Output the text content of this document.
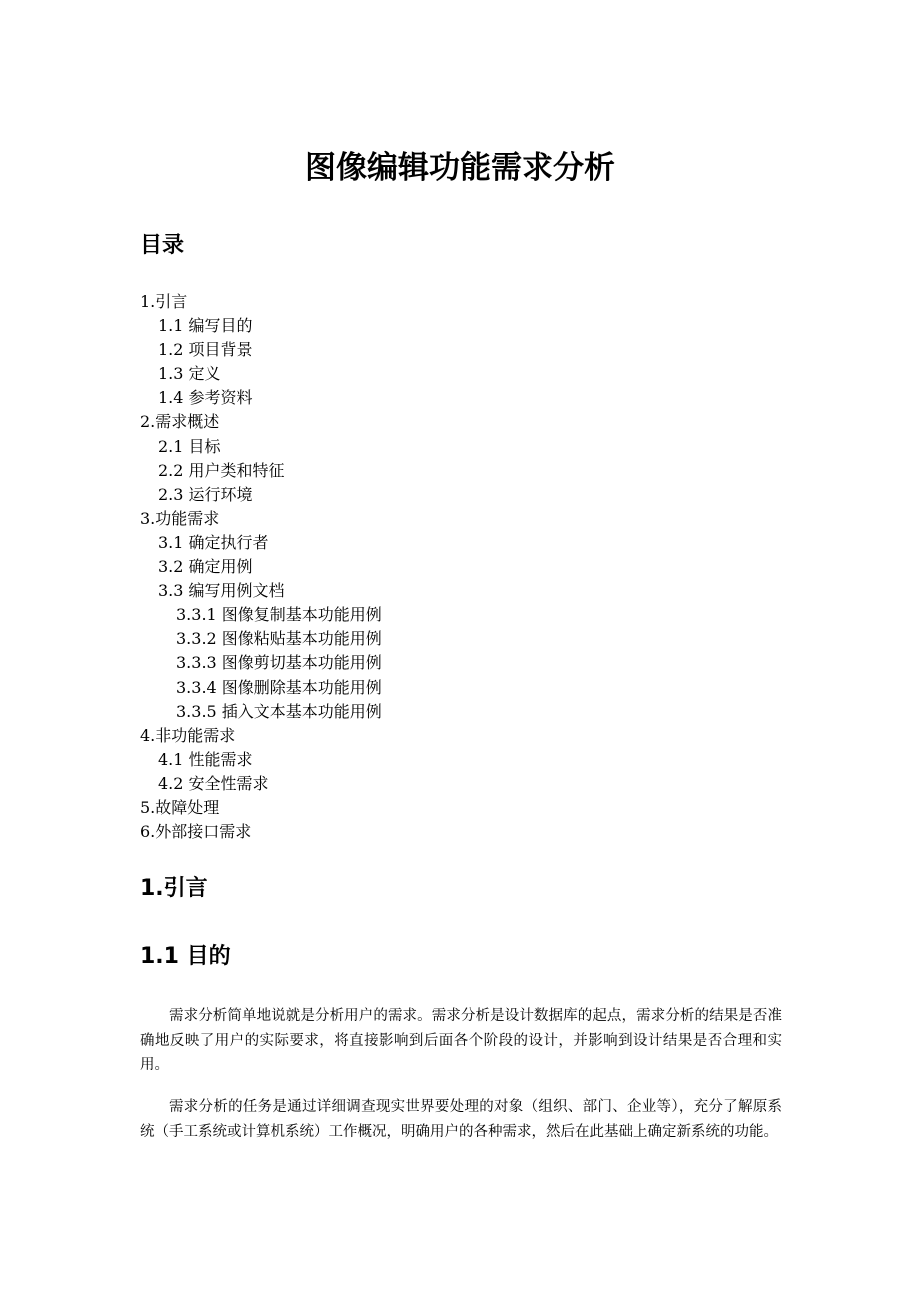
图像编辑功能需求分析
目录
1.引言
1.1 编写目的
1.2 项目背景
1.3 定义
1.4 参考资料
2.需求概述
2.1 目标
2.2 用户类和特征
2.3 运行环境
3.功能需求
3.1 确定执行者
3.2 确定用例
3.3 编写用例文档
3.3.1 图像复制基本功能用例
3.3.2 图像粘贴基本功能用例
3.3.3 图像剪切基本功能用例
3.3.4 图像删除基本功能用例
3.3.5 插入文本基本功能用例
4.非功能需求
4.1 性能需求
4.2 安全性需求
5.故障处理
6.外部接口需求
1.引言
1.1 目的

需求分析简单地说就是分析用户的需求。需求分析是设计数据库的起点，需求分析的结果是否准确地反映了用户的实际要求，将直接影响到后面各个阶段的设计，并影响到设计结果是否合理和实用。

需求分析的任务是通过详细调查现实世界要处理的对象（组织、部门、企业等），充分了解原系统（手工系统或计算机系统）工作概况，明确用户的各种需求，然后在此基础上确定新系统的功能。
